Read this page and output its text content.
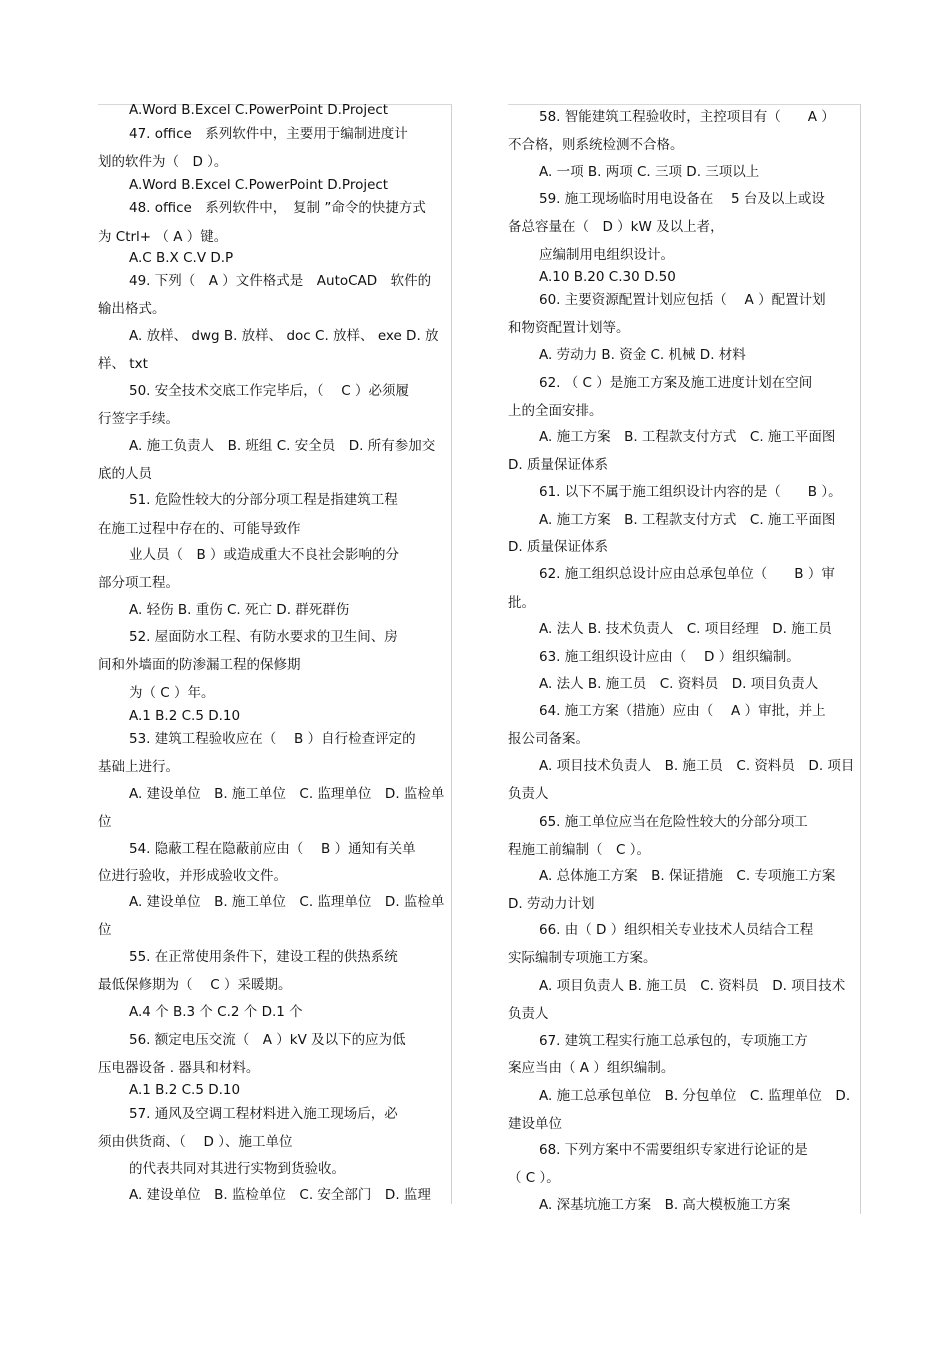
A.Word B.Excel C.PowerPoint D.Project
47. office　系列软件中，主要用于编制进度计
划的软件为（　D ）。
A.Word B.Excel C.PowerPoint D.Project
48. office　系列软件中，　复制 ”命令的快捷方式
为 Ctrl+ （ A ）键。
A.C B.X C.V D.P
49. 下列（　A ）文件格式是　AutoCAD　软件的
输出格式。
A. 放样、 dwg B. 放样、 doc C. 放样、 exe D. 放
样、 txt
50. 安全技术交底工作完毕后，（　 C ）必须履
行签字手续。
A. 施工负责人　B. 班组 C. 安全员　D. 所有参加交
底的人员
51. 危险性较大的分部分项工程是指建筑工程
在施工过程中存在的、可能导致作
业人员（　B ）或造成重大不良社会影响的分
部分项工程。
A. 轻伤 B. 重伤 C. 死亡 D. 群死群伤
52. 屋面防水工程、有防水要求的卫生间、房
间和外墙面的防渗漏工程的保修期
为（ C ）年。
A.1 B.2 C.5 D.10
53. 建筑工程验收应在（　 B ）自行检查评定的
基础上进行。
A. 建设单位　B. 施工单位　C. 监理单位　D. 监检单
位
54. 隐蔽工程在隐蔽前应由（　 B ）通知有关单
位进行验收，并形成验收文件。
A. 建设单位　B. 施工单位　C. 监理单位　D. 监检单
位
55. 在正常使用条件下，建设工程的供热系统
最低保修期为（　 C ）采暖期。
A.4 个 B.3 个 C.2 个 D.1 个
56. 额定电压交流（　A ）kV 及以下的应为低
压电器设备 . 器具和材料。
A.1 B.2 C.5 D.10
57. 通风及空调工程材料进入施工现场后，必
须由供货商、（　 D ）、施工单位
的代表共同对其进行实物到货验收。
A. 建设单位　B. 监检单位　C. 安全部门　D. 监理
58. 智能建筑工程验收时，主控项目有（　　A ）
不合格，则系统检测不合格。
A. 一项 B. 两项 C. 三项 D. 三项以上
59. 施工现场临时用电设备在　 5 台及以上或设
备总容量在（　D ）kW 及以上者，
应编制用电组织设计。
A.10 B.20 C.30 D.50
60. 主要资源配置计划应包括（　 A ）配置计划
和物资配置计划等。
A. 劳动力 B. 资金 C. 机械 D. 材料
62. （ C ）是施工方案及施工进度计划在空间
上的全面安排。
A. 施工方案　B. 工程款支付方式　C. 施工平面图
D. 质量保证体系
61. 以下不属于施工组织设计内容的是（　　B ）。
A. 施工方案　B. 工程款支付方式　C. 施工平面图
D. 质量保证体系
62. 施工组织总设计应由总承包单位（　　B ）审
批。
A. 法人 B. 技术负责人　C. 项目经理　D. 施工员
63. 施工组织设计应由（　 D ）组织编制。
A. 法人 B. 施工员　C. 资料员　D. 项目负责人
64. 施工方案（措施）应由（　 A ）审批，并上
报公司备案。
A. 项目技术负责人　B. 施工员　C. 资料员　D. 项目
负责人
65. 施工单位应当在危险性较大的分部分项工
程施工前编制（　C ）。
A. 总体施工方案　B. 保证措施　C. 专项施工方案
D. 劳动力计划
66. 由（ D ）组织相关专业技术人员结合工程
实际编制专项施工方案。
A. 项目负责人 B. 施工员　C. 资料员　D. 项目技术
负责人
67. 建筑工程实行施工总承包的，专项施工方
案应当由（ A ）组织编制。
A. 施工总承包单位　B. 分包单位　C. 监理单位　D.
建设单位
68. 下列方案中不需要组织专家进行论证的是
（ C ）。
A. 深基坑施工方案　B. 高大模板施工方案
